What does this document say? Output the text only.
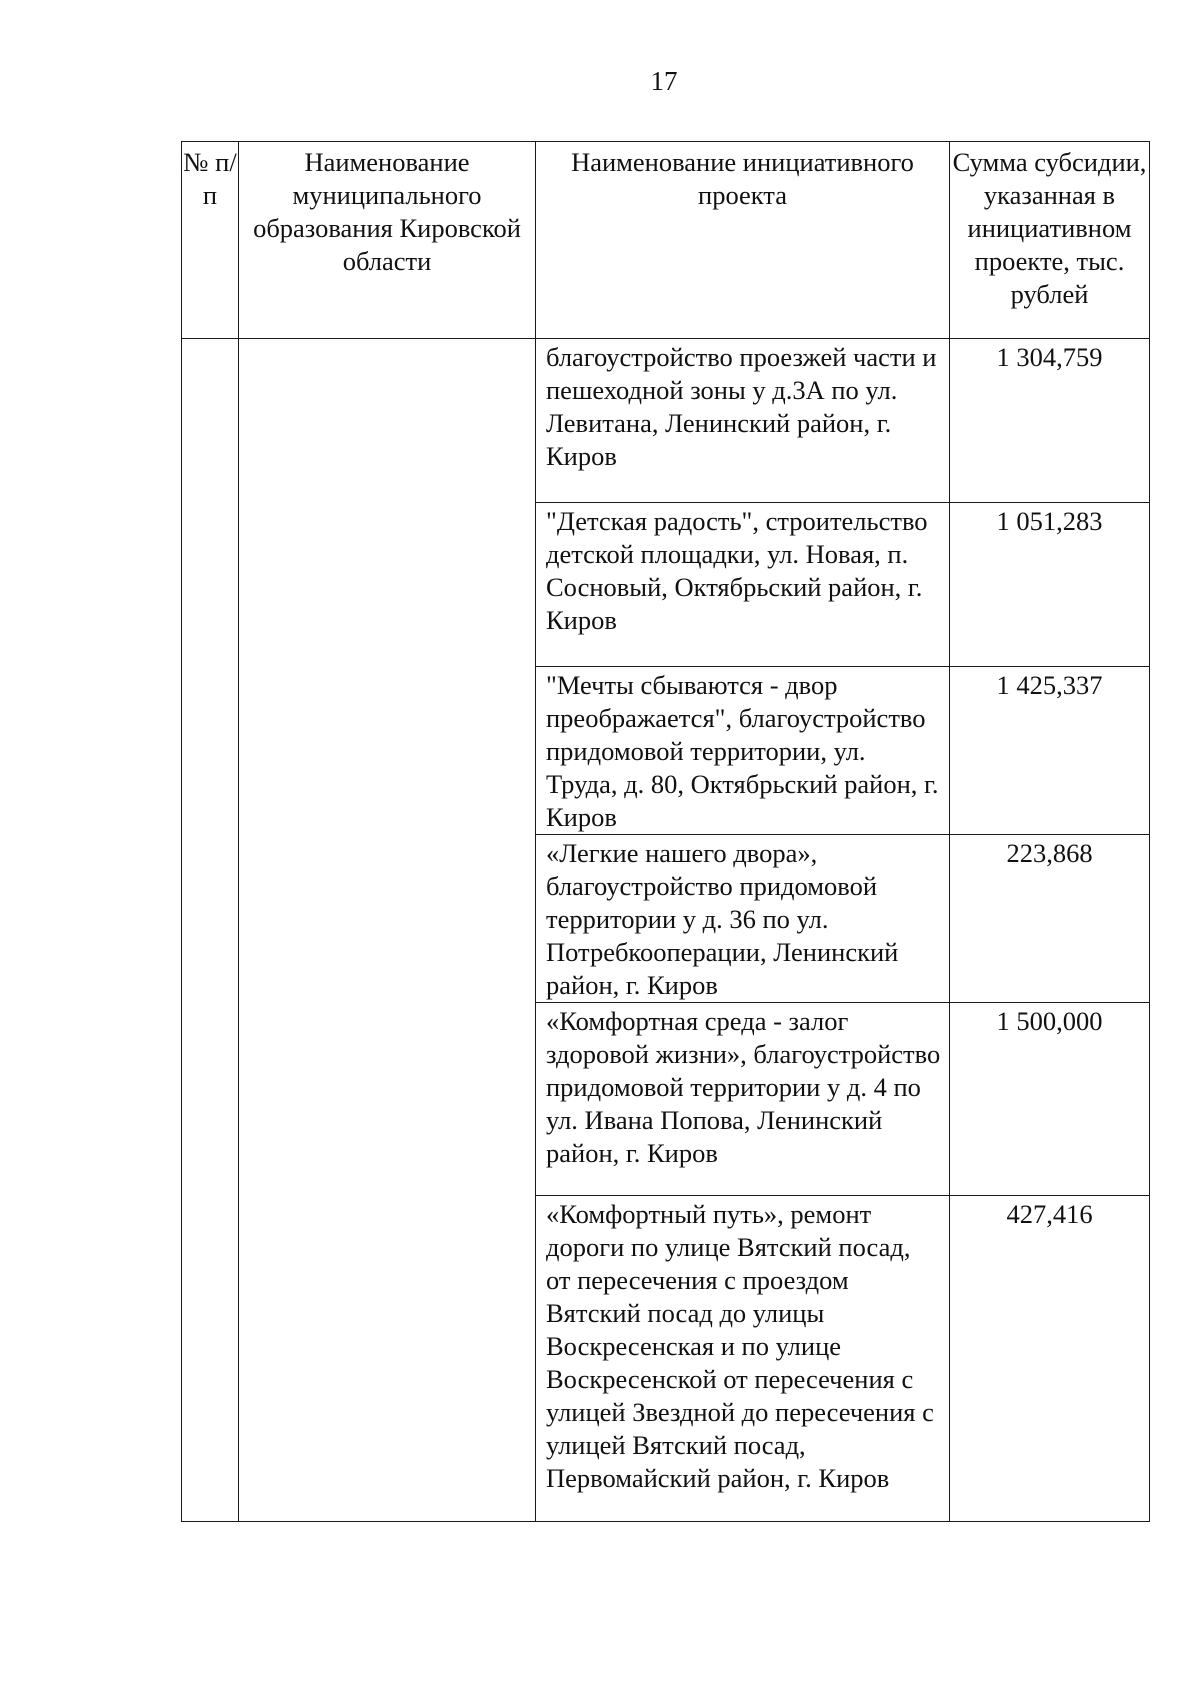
17
№ п/п	Наименование муниципального образования Кировской области	Наименование инициативного проекта	Сумма субсидии, указанная в инициативном проекте, тыс. рублей
		благоустройство проезжей части и пешеходной зоны у д.3А по ул. Левитана, Ленинский район, г. Киров	1 304,759
		"Детская радость", строительство детской площадки, ул. Новая, п. Сосновый, Октябрьский район, г. Киров	1 051,283
		"Мечты сбываются - двор преображается", благоустройство придомовой территории, ул. Труда, д. 80, Октябрьский район, г. Киров	1 425,337
		«Легкие нашего двора», благоустройство придомовой территории у д. 36 по ул. Потребкооперации, Ленинский район, г. Киров	223,868
		«Комфортная среда - залог здоровой жизни», благоустройство придомовой территории у д. 4 по ул. Ивана Попова, Ленинский район, г. Киров	1 500,000
		«Комфортный путь», ремонт дороги по улице Вятский посад, от пересечения с проездом Вятский посад до улицы Воскресенская и по улице Воскресенской от пересечения с улицей Звездной до пересечения с улицей Вятский посад, Первомайский район, г. Киров	427,416
